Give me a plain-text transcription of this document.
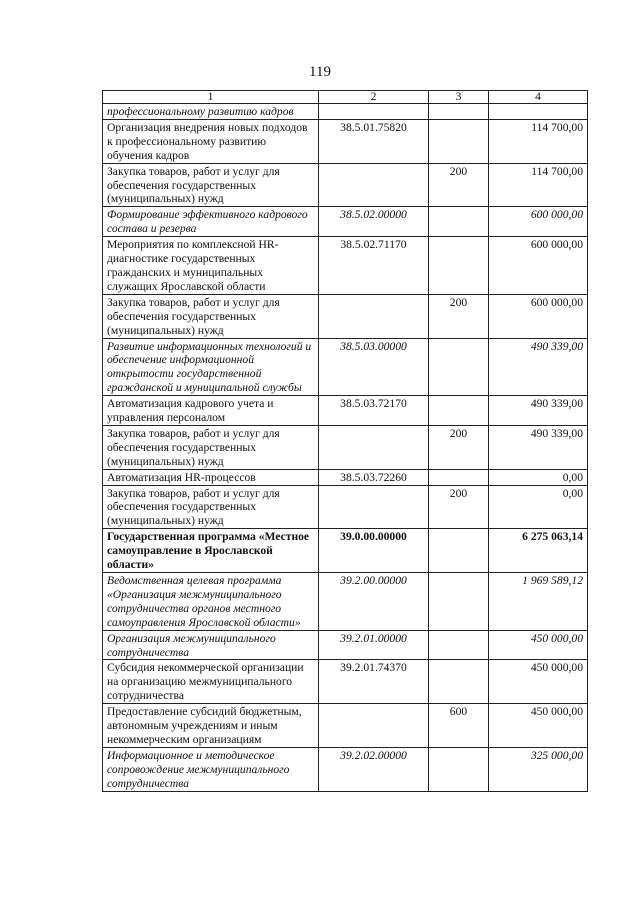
119
1	2	3	4
профессиональному развитию кадров			
Организация внедрения новых подходов к профессиональному развитию обучения кадров	38.5.01.75820		114 700,00
Закупка товаров, работ и услуг для обеспечения государственных (муниципальных) нужд		200	114 700,00
Формирование эффективного кадрового состава и резерва	38.5.02.00000		600 000,00
Мероприятия по комплексной HR-диагностике государственных гражданских и муниципальных служащих Ярославской области	38.5.02.71170		600 000,00
Закупка товаров, работ и услуг для обеспечения государственных (муниципальных) нужд		200	600 000,00
Развитие информационных технологий и обеспечение информационной открытости государственной гражданской и муниципальной службы	38.5.03.00000		490 339,00
Автоматизация кадрового учета и управления персоналом	38.5.03.72170		490 339,00
Закупка товаров, работ и услуг для обеспечения государственных (муниципальных) нужд		200	490 339,00
Автоматизация HR-процессов	38.5.03.72260		0,00
Закупка товаров, работ и услуг для обеспечения государственных (муниципальных) нужд		200	0,00
Государственная программа «Местное самоуправление в Ярославской области»	39.0.00.00000		6 275 063,14
Ведомственная целевая программа «Организация межмуниципального сотрудничества органов местного самоуправления Ярославской области»	39.2.00.00000		1 969 589,12
Организация межмуниципального сотрудничества	39.2.01.00000		450 000,00
Субсидия некоммерческой организации на организацию межмуниципального сотрудничества	39.2.01.74370		450 000,00
Предоставление субсидий бюджетным, автономным учреждениям и иным некоммерческим организациям		600	450 000,00
Информационное и методическое сопровождение межмуниципального сотрудничества	39.2.02.00000		325 000,00
